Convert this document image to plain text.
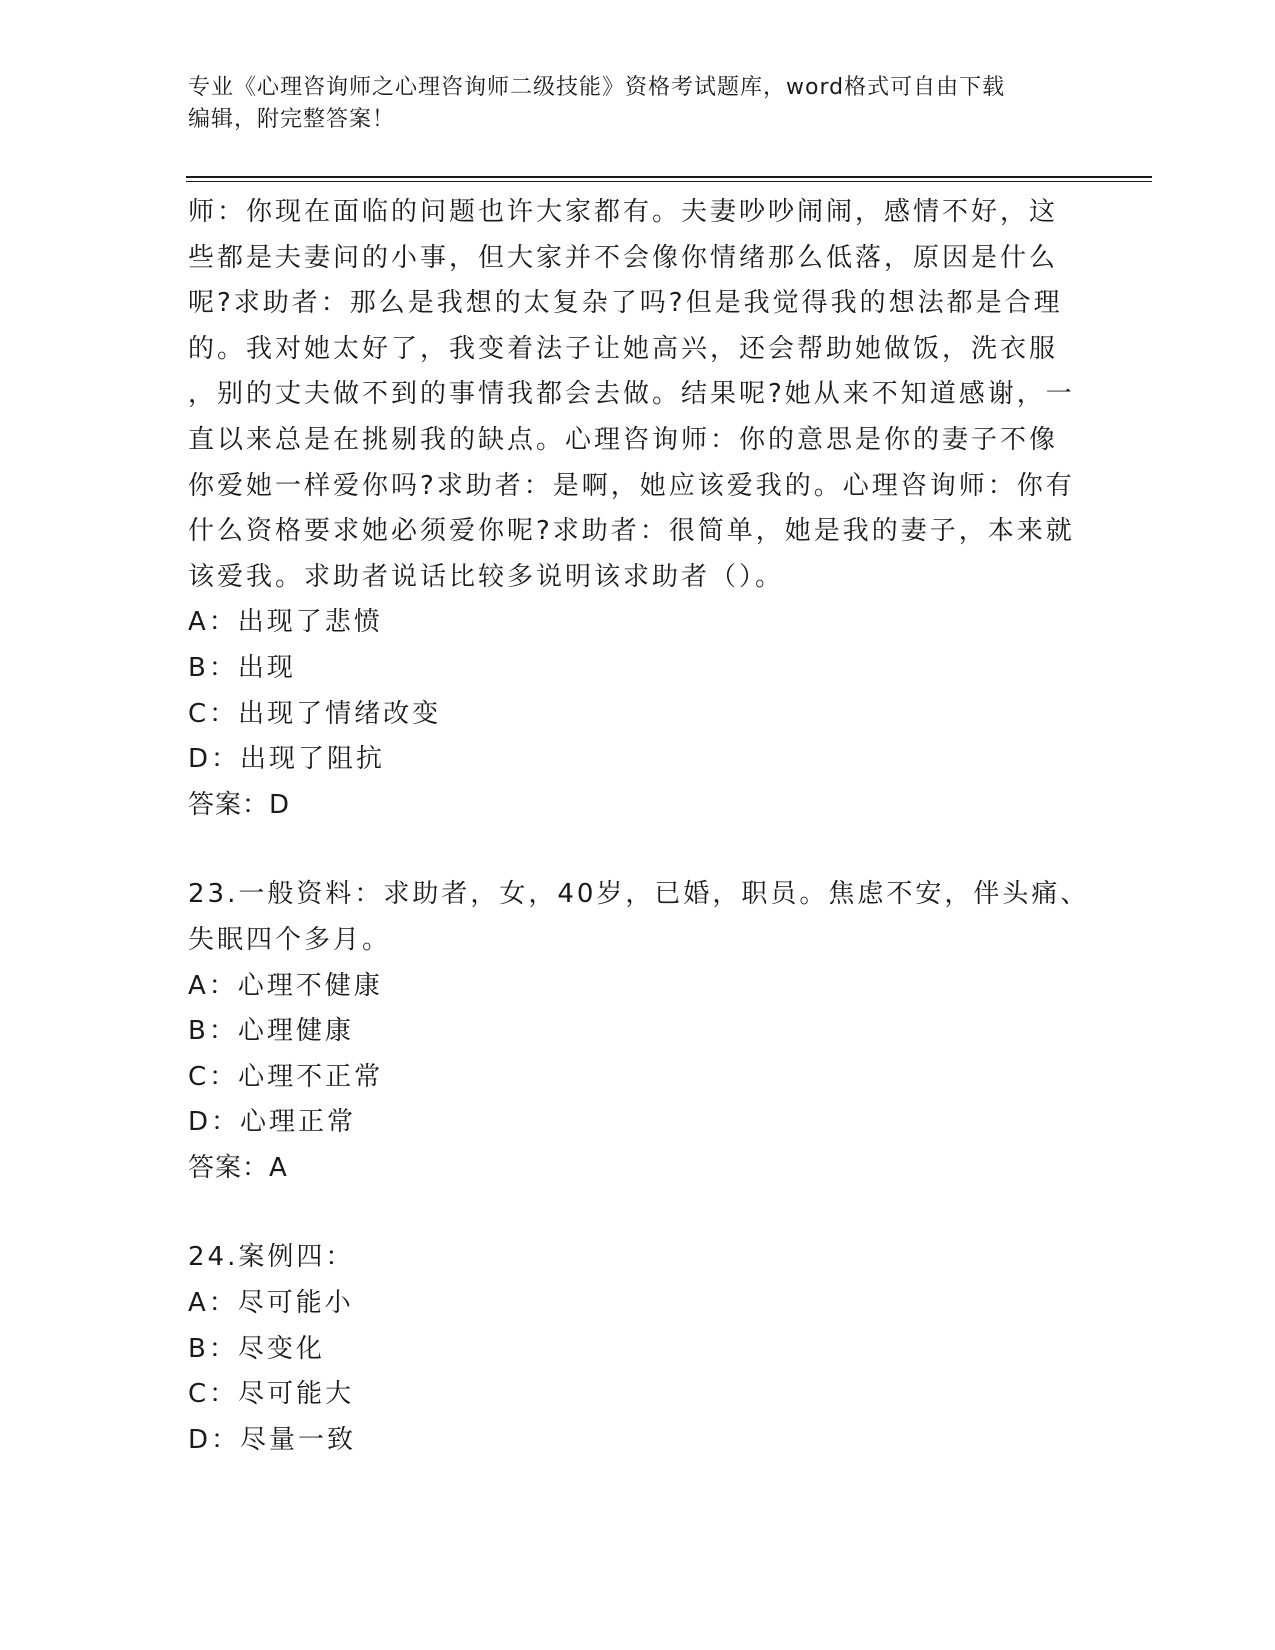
专业《心理咨询师之心理咨询师二级技能》资格考试题库，word格式可自由下载
编辑，附完整答案！
师：你现在面临的问题也许大家都有。夫妻吵吵闹闹，感情不好，这
些都是夫妻问的小事，但大家并不会像你情绪那么低落，原因是什么
呢?求助者：那么是我想的太复杂了吗?但是我觉得我的想法都是合理
的。我对她太好了，我变着法子让她高兴，还会帮助她做饭，洗衣服
，别的丈夫做不到的事情我都会去做。结果呢?她从来不知道感谢，一
直以来总是在挑剔我的缺点。心理咨询师：你的意思是你的妻子不像
你爱她一样爱你吗?求助者：是啊，她应该爱我的。心理咨询师：你有
什么资格要求她必须爱你呢?求助者：很简单，她是我的妻子，本来就
该爱我。求助者说话比较多说明该求助者（）。
A：出现了悲愤
B：出现
C：出现了情绪改变
D：出现了阻抗
答案：D
23.一般资料：求助者，女，40岁，已婚，职员。焦虑不安，伴头痛、
失眠四个多月。
A：心理不健康
B：心理健康
C：心理不正常
D：心理正常
答案：A
24.案例四：
A：尽可能小
B：尽变化
C：尽可能大
D：尽量一致
